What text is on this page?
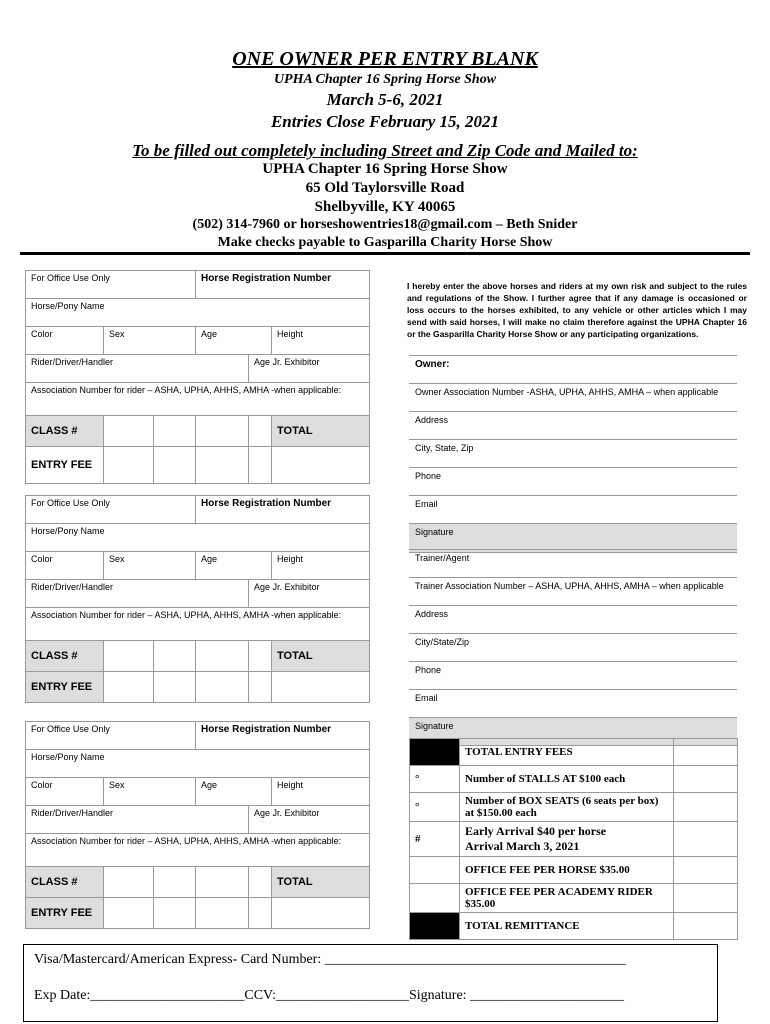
ONE OWNER PER ENTRY BLANK
UPHA Chapter 16 Spring Horse Show
March 5-6, 2021
Entries Close February 15, 2021
To be filled out completely including Street and Zip Code and Mailed to:
UPHA Chapter 16 Spring Horse Show
65 Old Taylorsville Road
Shelbyville, KY 40065
(502) 314-7960 or horseshowentries18@gmail.com – Beth Snider
Make checks payable to Gasparilla Charity Horse Show
For Office Use Only			Horse Registration Number		
Horse/Pony Name					
Color	Sex		Age		Height
Rider/Driver/Handler				Age Jr. Exhibitor	
Association Number for rider – ASHA, UPHA, AHHS, AMHA -when applicable:					
CLASS #					TOTAL
ENTRY FEE					
For Office Use Only			Horse Registration Number		
Horse/Pony Name					
Color	Sex		Age		Height
Rider/Driver/Handler				Age Jr. Exhibitor	
Association Number for rider – ASHA, UPHA, AHHS, AMHA -when applicable:					
CLASS #					TOTAL
ENTRY FEE					
For Office Use Only			Horse Registration Number		
Horse/Pony Name					
Color	Sex		Age		Height
Rider/Driver/Handler				Age Jr. Exhibitor	
Association Number for rider – ASHA, UPHA, AHHS, AMHA -when applicable:					
CLASS #					TOTAL
ENTRY FEE					
I hereby enter the above horses and riders at my own risk and subject to the rules and regulations of the Show. I further agree that if any damage is occasioned or loss occurs to the horses exhibited, to any vehicle or other articles which I may send with said horses, I will make no claim therefore against the UPHA Chapter 16 or the Gasparilla Charity Horse Show or any participating organizations.
Owner:
Owner Association Number -ASHA, UPHA, AHHS, AMHA – when applicable
Address
City, State, Zip
Phone
Email
Signature
Trainer/Agent
Trainer Association Number – ASHA, UPHA, AHHS, AMHA – when applicable
Address
City/State/Zip
Phone
Email
Signature
	TOTAL ENTRY FEES	
°	Number of STALLS AT $100 each	
°	Number of BOX SEATS (6 seats per box) at $150.00 each	
#	Early Arrival $40 per horse
Arrival March 3, 2021	

	OFFICE FEE PER HORSE $35.00	
	OFFICE FEE PER ACADEMY RIDER $35.00	
	TOTAL REMITTANCE	
Visa/Mastercard/American Express- Card Number: ___________________________________________
Exp Date:______________________CCV:___________________Signature: ______________________
